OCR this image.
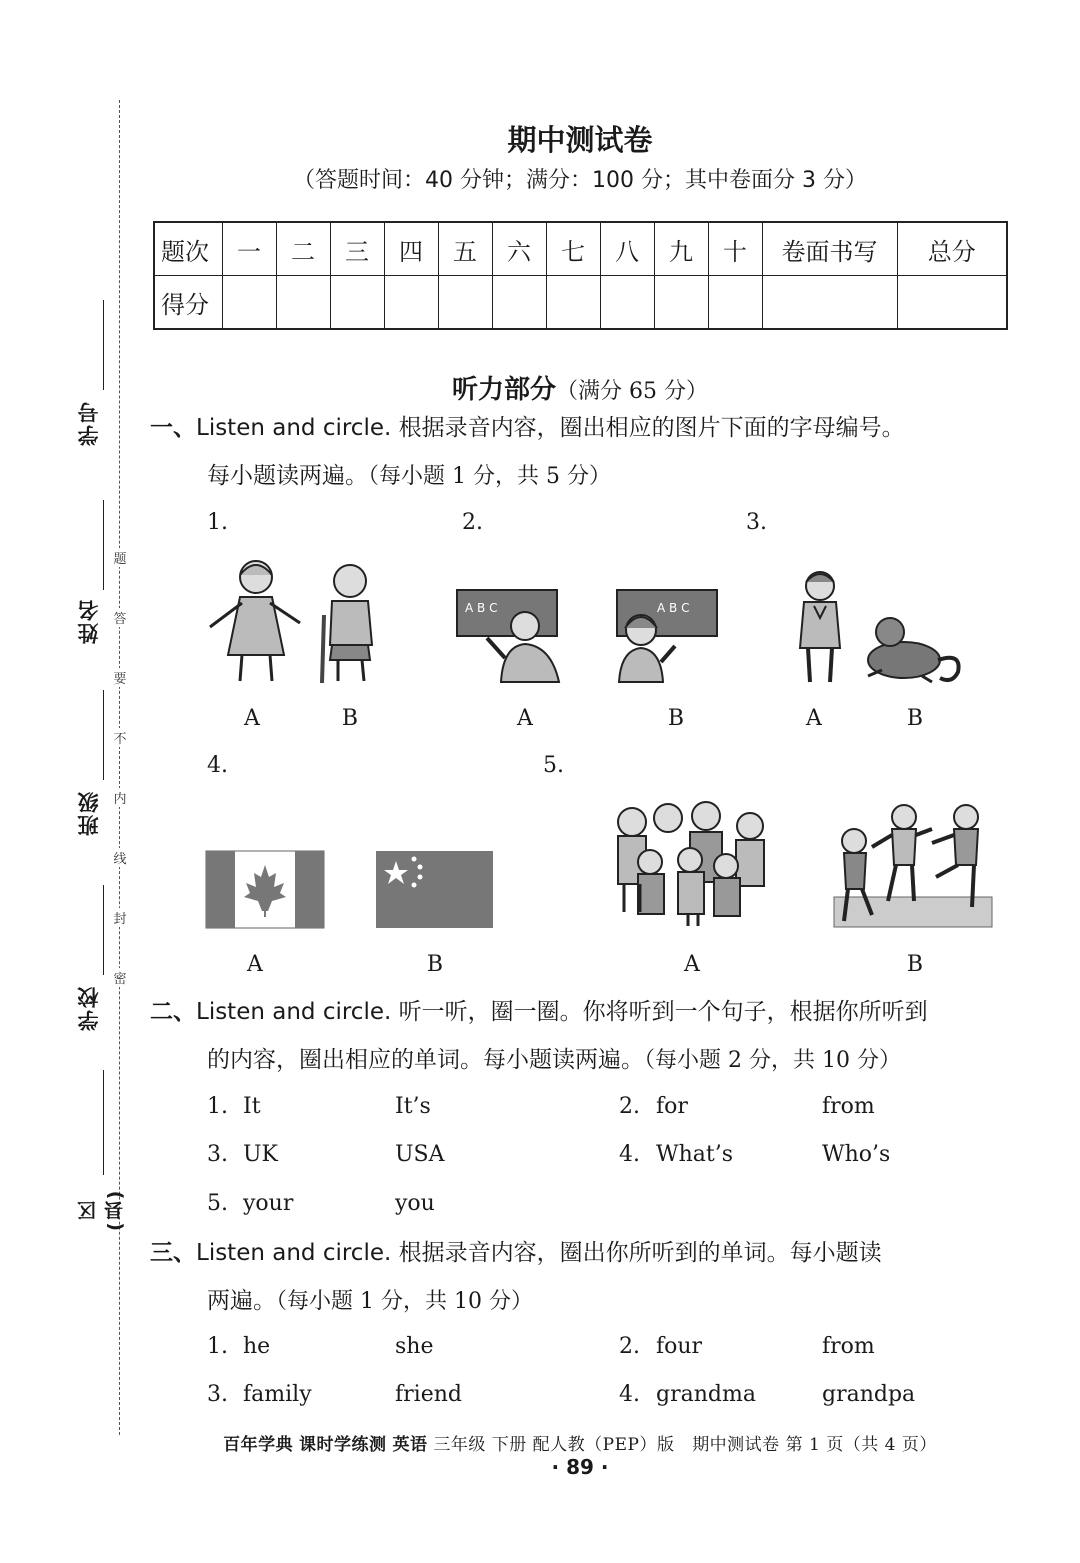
学号
姓名
班级
学校
区(县)
题
答
要
不
内
线
封
密
期中测试卷
（答题时间：40 分钟；满分：100 分；其中卷面分 3 分）
题次	一	二	三	四	五	六	七	八	九	十	卷面书写	总分
得分												
听力部分（满分 65 分）
一、Listen and circle. 根据录音内容，圈出相应的图片下面的字母编号。
每小题读两遍。（每小题 1 分，共 5 分）
1.	2.	3.
4.	5.
A	B
A B C	A B C
A	B	A	B
A	B	A	B
二、Listen and circle. 听一听，圈一圈。你将听到一个句子，根据你所听到
的内容，圈出相应的单词。每小题读两遍。（每小题 2 分，共 10 分）
1. It	It’s	2. for	from
3. UK	USA	4. What’s	Who’s
5. your	you
三、Listen and circle. 根据录音内容，圈出你所听到的单词。每小题读
两遍。（每小题 1 分，共 10 分）
1. he	she	2. four	from
3. family	friend	4. grandma	grandpa
百年学典 课时学练测 英语 三年级 下册 配人教（PEP）版 期中测试卷 第 1 页（共 4 页）
· 89 ·
